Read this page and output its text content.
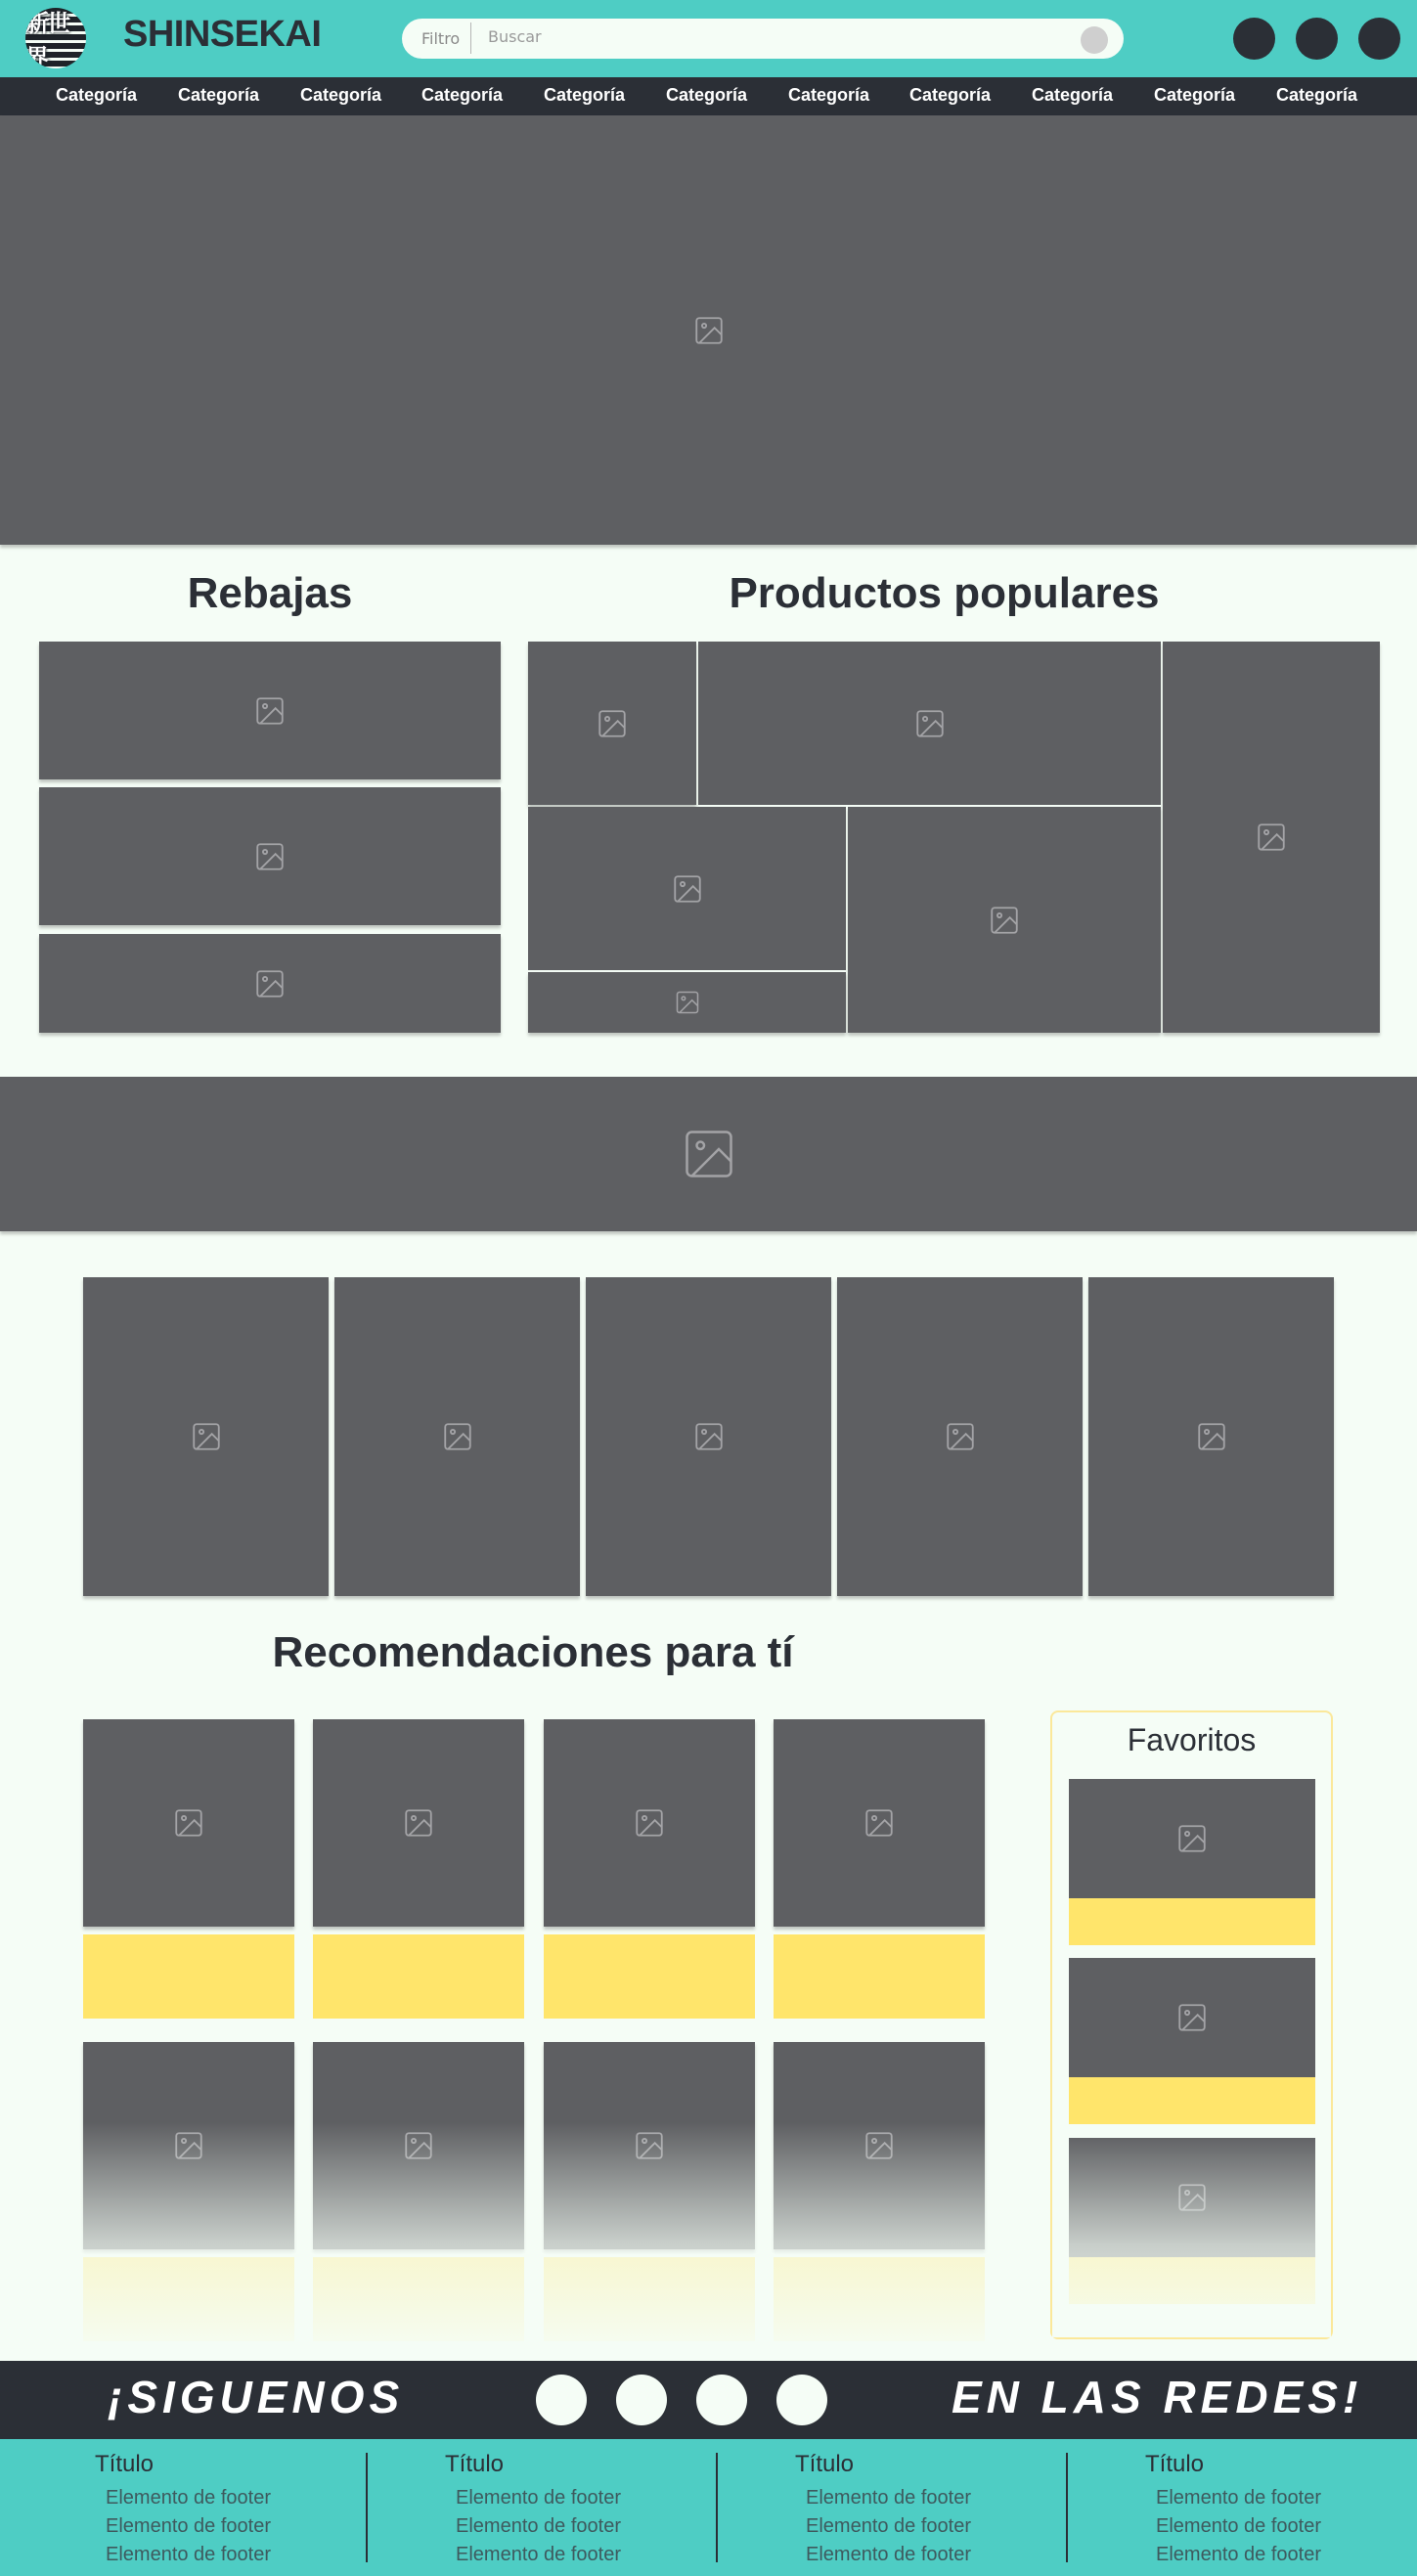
新世界
SHINSEKAI	Filtro Buscar
Categoría Categoría Categoría Categoría Categoría Categoría Categoría Categoría Categoría Categoría Categoría
Rebajas	Productos populares
Recomendaciones para tí
Favoritos
¡SIGUENOS	EN LAS REDES!
Título
Elemento de footer
Elemento de footer
Elemento de footer
Título
Elemento de footer
Elemento de footer
Elemento de footer
Título
Elemento de footer
Elemento de footer
Elemento de footer
Título
Elemento de footer
Elemento de footer
Elemento de footer
